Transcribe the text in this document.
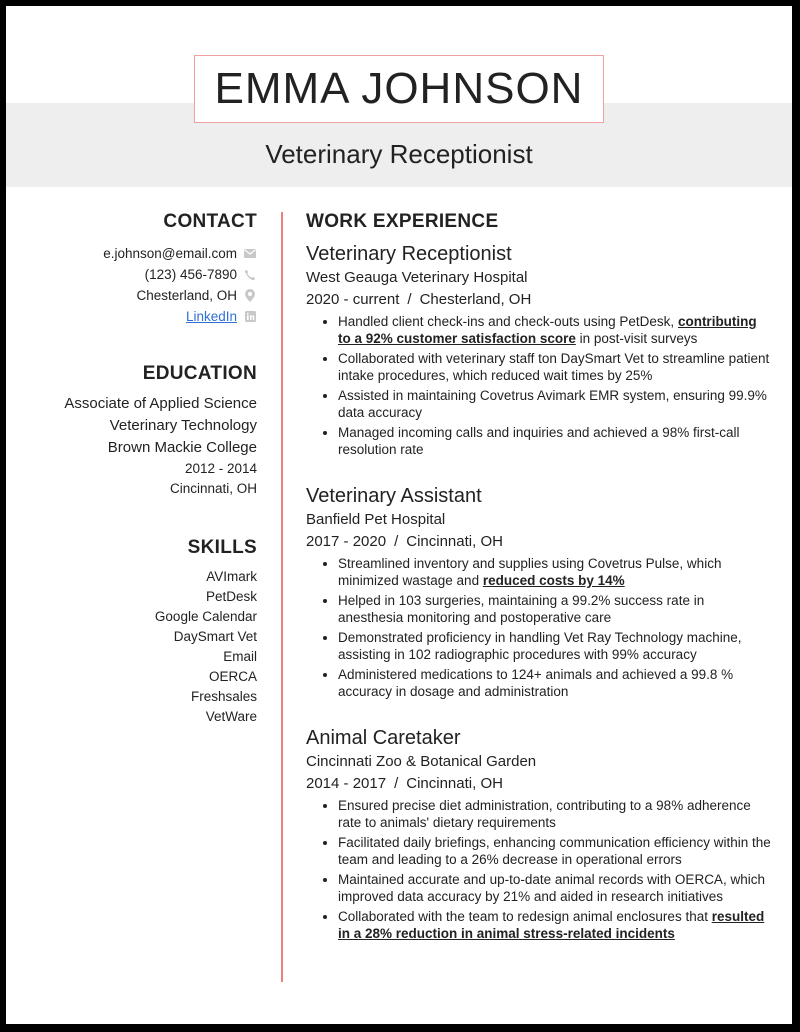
EMMA JOHNSON
Veterinary Receptionist
CONTACT
e.johnson@email.com
(123) 456-7890
Chesterland, OH
LinkedIn
EDUCATION
Associate of Applied Science
Veterinary Technology
Brown Mackie College
2012 - 2014
Cincinnati, OH
SKILLS
AVImark
PetDesk
Google Calendar
DaySmart Vet
Email
OERCA
Freshsales
VetWare
WORK EXPERIENCE
Veterinary Receptionist
West Geauga Veterinary Hospital
2020 - current / Chesterland, OH
• Handled client check-ins and check-outs using PetDesk, contributing to a 92% customer satisfaction score in post-visit surveys
• Collaborated with veterinary staff ton DaySmart Vet to streamline patient intake procedures, which reduced wait times by 25%
• Assisted in maintaining Covetrus Avimark EMR system, ensuring 99.9% data accuracy
• Managed incoming calls and inquiries and achieved a 98% first-call resolution rate
Veterinary Assistant
Banfield Pet Hospital
2017 - 2020 / Cincinnati, OH
• Streamlined inventory and supplies using Covetrus Pulse, which minimized wastage and reduced costs by 14%
• Helped in 103 surgeries, maintaining a 99.2% success rate in anesthesia monitoring and postoperative care
• Demonstrated proficiency in handling Vet Ray Technology machine, assisting in 102 radiographic procedures with 99% accuracy
• Administered medications to 124+ animals and achieved a 99.8 % accuracy in dosage and administration
Animal Caretaker
Cincinnati Zoo & Botanical Garden
2014 - 2017 / Cincinnati, OH
• Ensured precise diet administration, contributing to a 98% adherence rate to animals' dietary requirements
• Facilitated daily briefings, enhancing communication efficiency within the team and leading to a 26% decrease in operational errors
• Maintained accurate and up-to-date animal records with OERCA, which improved data accuracy by 21% and aided in research initiatives
• Collaborated with the team to redesign animal enclosures that resulted in a 28% reduction in animal stress-related incidents
